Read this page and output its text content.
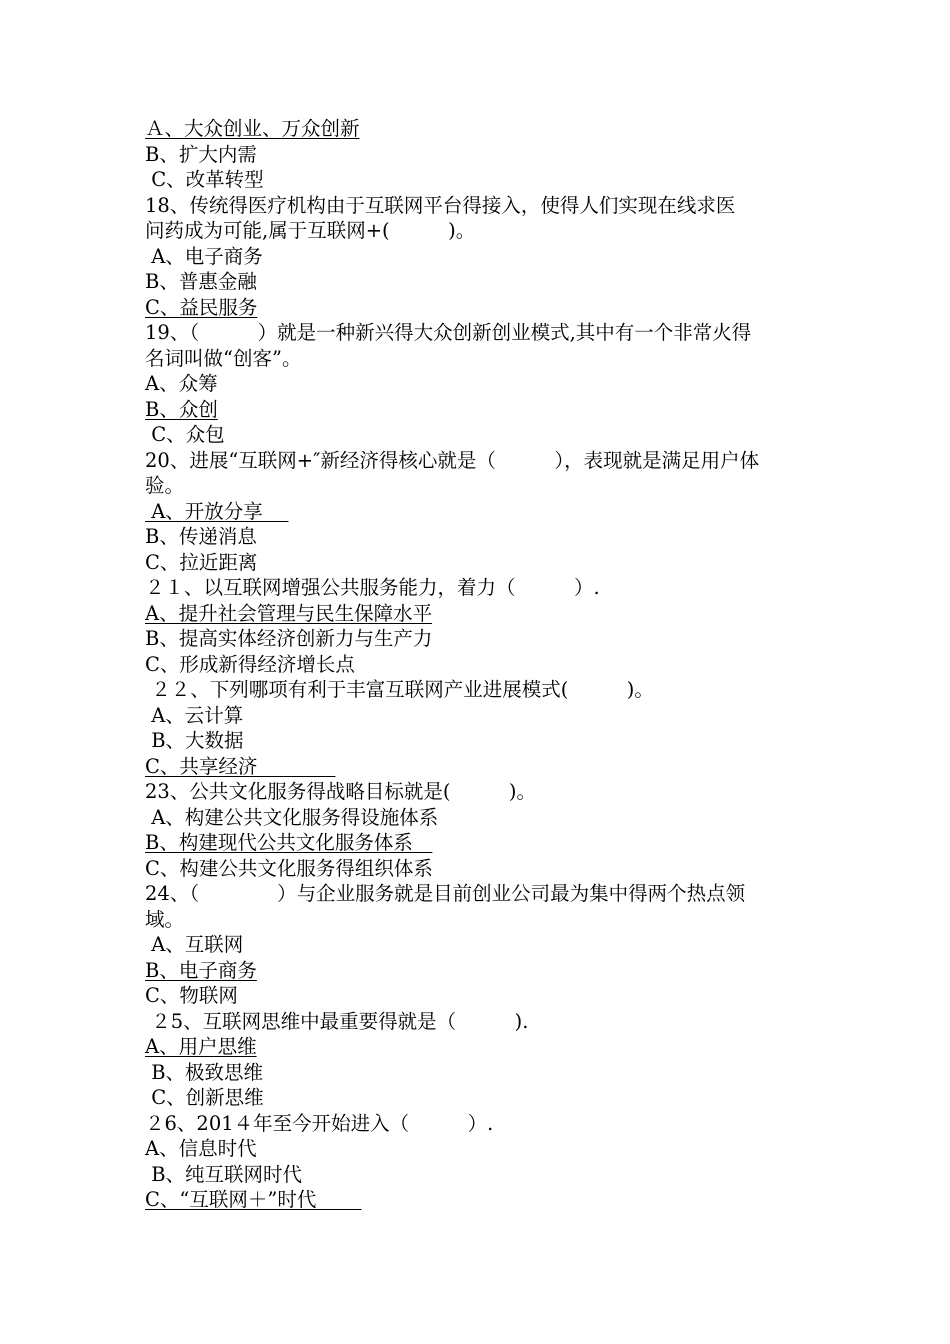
Ａ、大众创业、万众创新
B、扩大内需
C、改革转型
18、传统得医疗机构由于互联网平台得接入，使得人们实现在线求医
问药成为可能,属于互联网+(　　　)。
A、电子商务
B、普惠金融
C、益民服务
19、（　　　）就是一种新兴得大众创新创业模式,其中有一个非常火得
名词叫做“创客”。
A、众筹
B、众创
C、众包
20、进展“互联网+″新经济得核心就是（　　　），表现就是满足用户体
验。
A、开放分享　
B、传递消息
C、拉近距离
２１、以互联网增强公共服务能力，着力（　　　）.
A、提升社会管理与民生保障水平
B、提高实体经济创新力与生产力
C、形成新得经济增长点
２２、下列哪项有利于丰富互联网产业进展模式(　　　)。
A、云计算
B、大数据
C、共享经济　　　　
23、公共文化服务得战略目标就是(　　　)。
A、构建公共文化服务得设施体系
B、构建现代公共文化服务体系　
C、构建公共文化服务得组织体系
24、（　　　　）与企业服务就是目前创业公司最为集中得两个热点领
域。
A、互联网
B、电子商务
C、物联网
２5、互联网思维中最重要得就是（　　　).
A、用户思维
B、极致思维
C、创新思维
２6、201４年至今开始进入（　　　）.
A、信息时代
B、纯互联网时代
C、“互联网＋”时代　　
